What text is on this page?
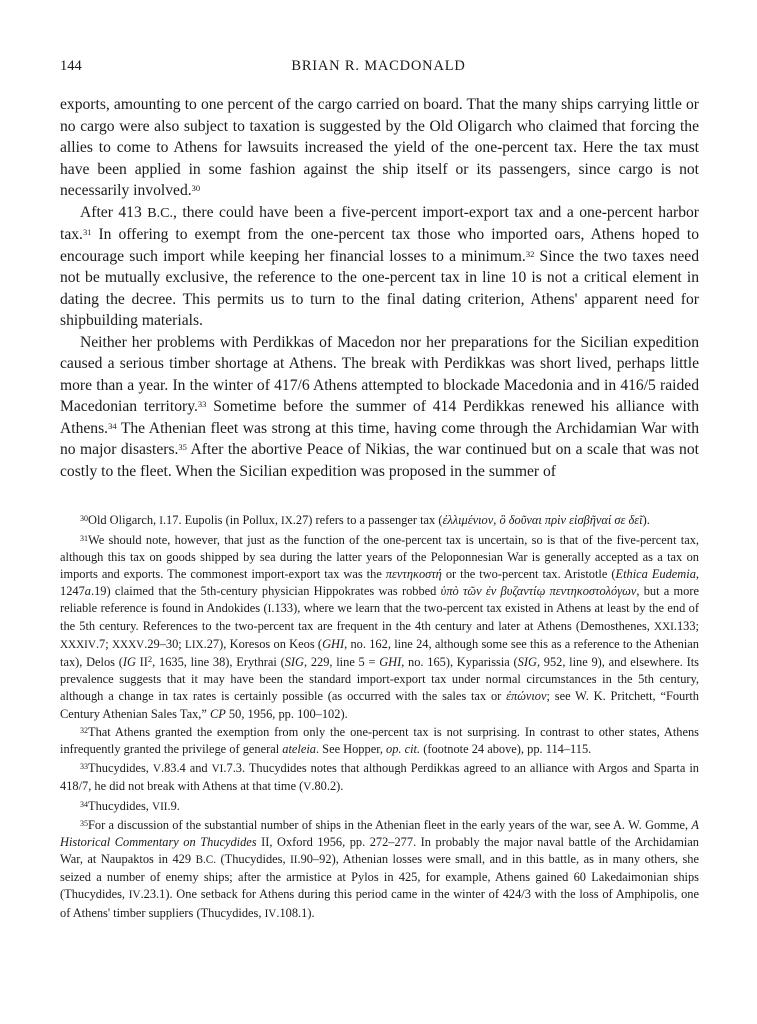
144	BRIAN R. MACDONALD

exports, amounting to one percent of the cargo carried on board. That the many ships carrying little or no cargo were also subject to taxation is suggested by the Old Oligarch who claimed that forcing the allies to come to Athens for lawsuits increased the yield of the one-percent tax. Here the tax must have been applied in some fashion against the ship itself or its passengers, since cargo is not necessarily involved.$^{30}$

After 413 B.C., there could have been a five-percent import-export tax and a one-percent harbor tax.$^{31}$ In offering to exempt from the one-percent tax those who imported oars, Athens hoped to encourage such import while keeping her financial losses to a minimum.$^{32}$ Since the two taxes need not be mutually exclusive, the reference to the one-percent tax in line 10 is not a critical element in dating the decree. This permits us to turn to the final dating criterion, Athens' apparent need for shipbuilding materials.

Neither her problems with Perdikkas of Macedon nor her preparations for the Sicilian expedition caused a serious timber shortage at Athens. The break with Perdikkas was short lived, perhaps little more than a year. In the winter of 417/6 Athens attempted to blockade Macedonia and in 416/5 raided Macedonian territory.$^{33}$ Sometime before the summer of 414 Perdikkas renewed his alliance with Athens.$^{34}$ The Athenian fleet was strong at this time, having come through the Archidamian War with no major disasters.$^{35}$ After the abortive Peace of Nikias, the war continued but on a scale that was not costly to the fleet. When the Sicilian expedition was proposed in the summer of

$^{30}$Old Oligarch, I.17. Eupolis (in Pollux, IX.27) refers to a passenger tax (ἐλλιμένιον, ὃ δοῦναι πρὶν εἰσβῆναί σε δεῖ).

$^{31}$We should note, however, that just as the function of the one-percent tax is uncertain, so is that of the five-percent tax, although this tax on goods shipped by sea during the latter years of the Peloponnesian War is generally accepted as a tax on imports and exports. The commonest import-export tax was the πεντηκοστή or the two-percent tax. Aristotle (Ethica Eudemia, 1247a.19) claimed that the 5th-century physician Hippokrates was robbed ὑπὸ τῶν ἐν βυζαντίῳ πεντηκοστολόγων, but a more reliable reference is found in Andokides (I.133), where we learn that the two-percent tax existed in Athens at least by the end of the 5th century. References to the two-percent tax are frequent in the 4th century and later at Athens (Demosthenes, XXI.133; XXXIV.7; XXXV.29–30; LIX.27), Koresos on Keos (GHI, no. 162, line 24, although some see this as a reference to the Athenian tax), Delos (IG $II^2$, 1635, line 38), Erythrai (SIG, 229, line 5 = GHI, no. 165), Kyparissia (SIG, 952, line 9), and elsewhere. Its prevalence suggests that it may have been the standard import-export tax under normal circumstances in the 5th century, although a change in tax rates is certainly possible (as occurred with the sales tax or ἐπώνιον; see W. K. Pritchett, “Fourth Century Athenian Sales Tax,” CP 50, 1956, pp. 100–102).

$^{32}$That Athens granted the exemption from only the one-percent tax is not surprising. In contrast to other states, Athens infrequently granted the privilege of general ateleia. See Hopper, op. cit. (footnote 24 above), pp. 114–115.

$^{33}$Thucydides, V.83.4 and VI.7.3. Thucydides notes that although Perdikkas agreed to an alliance with Argos and Sparta in 418/7, he did not break with Athens at that time (V.80.2).

$^{34}$Thucydides, VII.9.

$^{35}$For a discussion of the substantial number of ships in the Athenian fleet in the early years of the war, see A. W. Gomme, A Historical Commentary on Thucydides II, Oxford 1956, pp. 272–277. In probably the major naval battle of the Archidamian War, at Naupaktos in 429 B.C. (Thucydides, II.90–92), Athenian losses were small, and in this battle, as in many others, she seized a number of enemy ships; after the armistice at Pylos in 425, for example, Athens gained 60 Lakedaimonian ships (Thucydides, IV.23.1). One setback for Athens during this period came in the winter of 424/3 with the loss of Amphipolis, one of Athens' timber suppliers (Thucydides, IV.108.1).
